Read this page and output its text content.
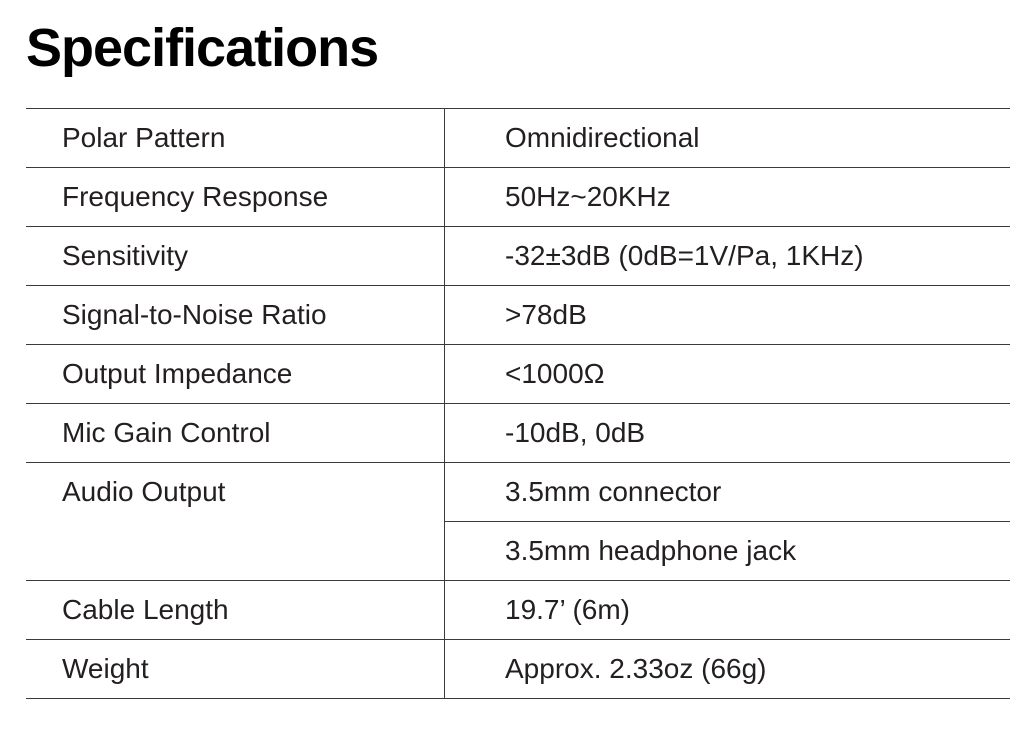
Specifications
Polar Pattern	Omnidirectional
Frequency Response	50Hz~20KHz
Sensitivity	-32±3dB (0dB=1V/Pa, 1KHz)
Signal-to-Noise Ratio	>78dB
Output Impedance	<1000Ω
Mic Gain Control	-10dB, 0dB
Audio Output	3.5mm connector
3.5mm headphone jack
Cable Length	19.7’ (6m)
Weight	Approx. 2.33oz (66g)
